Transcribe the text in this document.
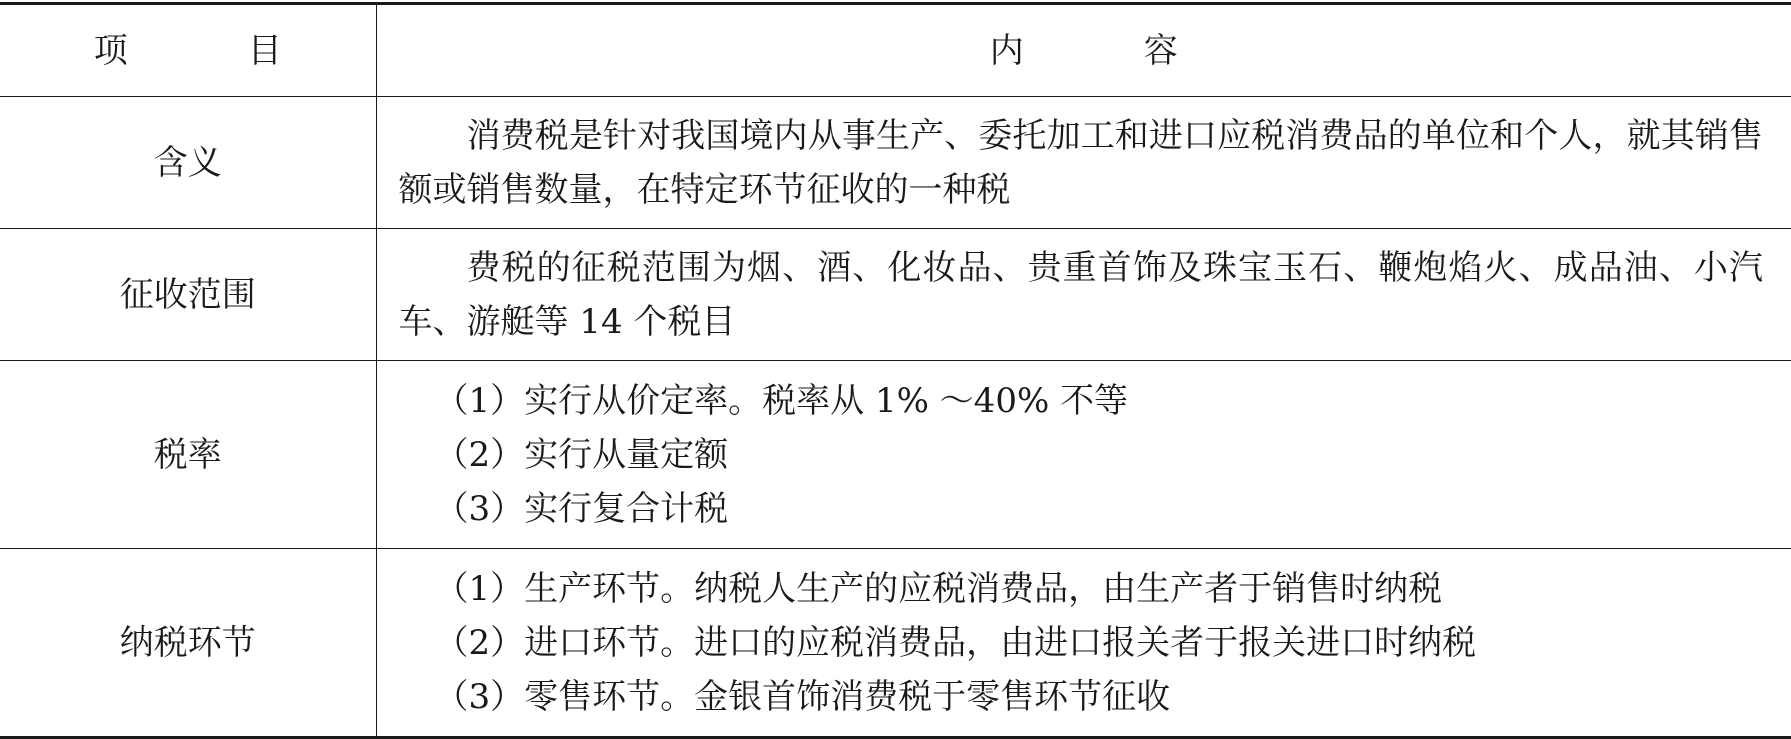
项目	内容
含义	消费税是针对我国境内从事生产、委托加工和进口应税消费品的单位和个人，就其销售额或销售数量，在特定环节征收的一种税

征收范围	费税的征税范围为烟、酒、化妆品、贵重首饰及珠宝玉石、鞭炮焰火、成品油、小汽车、游艇等 14 个税目

税率	（1）实行从价定率。税率从 1% ～40% 不等
（2）实行从量定额
（3）实行复合计税

纳税环节	（1）生产环节。纳税人生产的应税消费品，由生产者于销售时纳税
（2）进口环节。进口的应税消费品，由进口报关者于报关进口时纳税
（3）零售环节。金银首饰消费税于零售环节征收
